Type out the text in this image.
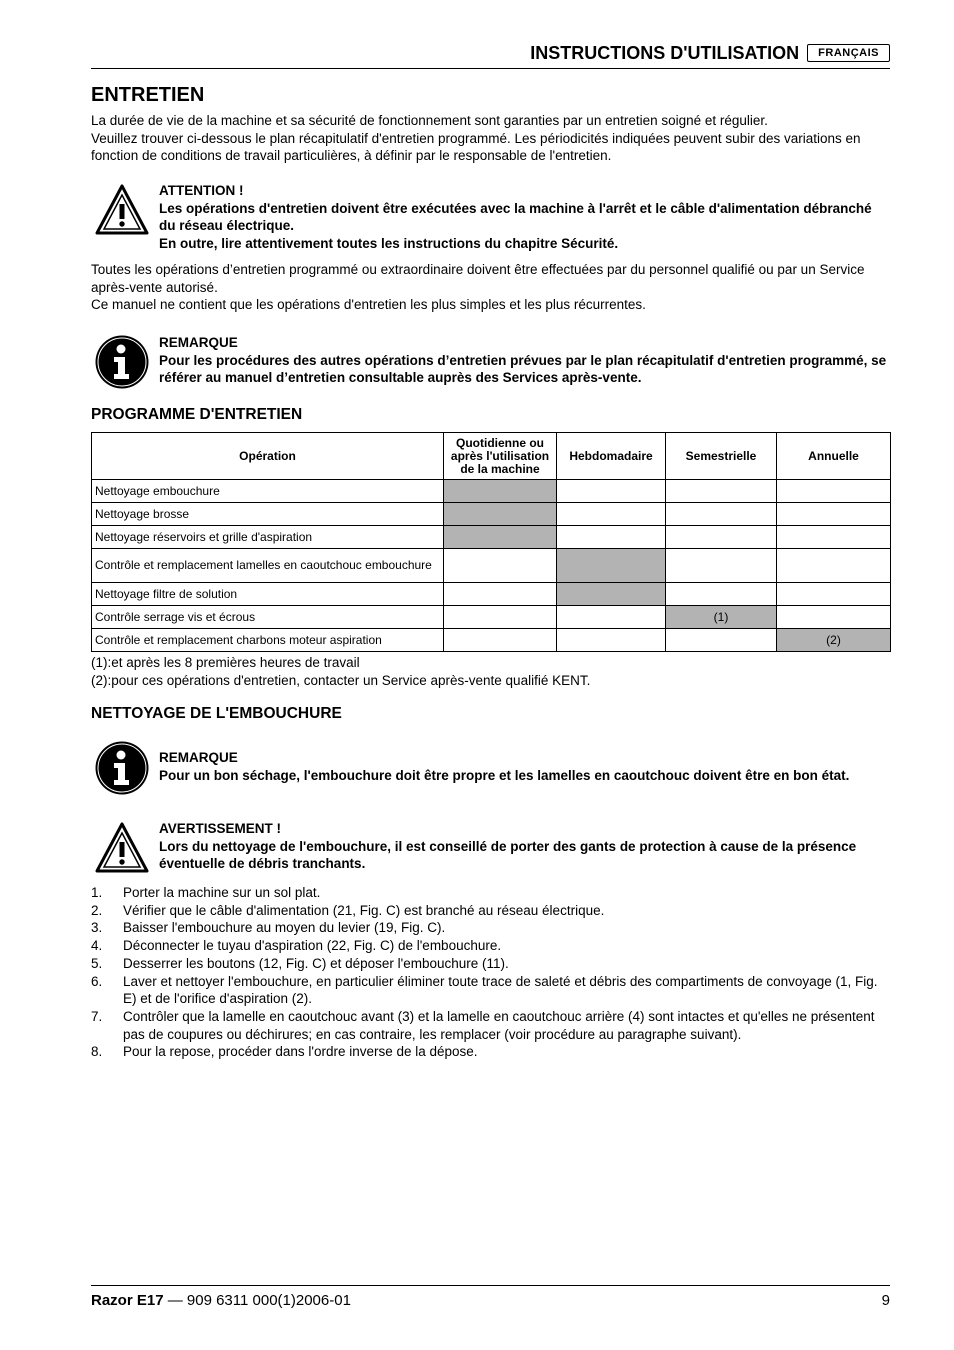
INSTRUCTIONS D'UTILISATION	FRANÇAIS
ENTRETIEN

La durée de vie de la machine et sa sécurité de fonctionnement sont garanties par un entretien soigné et régulier.

Veuillez trouver ci-dessous le plan récapitulatif d'entretien programmé. Les périodicités indiquées peuvent subir des variations en fonction de conditions de travail particulières, à définir par le responsable de l'entretien.

ATTENTION !
Les opérations d'entretien doivent être exécutées avec la machine à l'arrêt et le câble d'alimentation débranché du réseau électrique.
En outre, lire attentivement toutes les instructions du chapitre Sécurité.

Toutes les opérations d’entretien programmé ou extraordinaire doivent être effectuées par du personnel qualifié ou par un Service après-vente autorisé.

Ce manuel ne contient que les opérations d'entretien les plus simples et les plus récurrentes.

REMARQUE
Pour les procédures des autres opérations d’entretien prévues par le plan récapitulatif d'entretien programmé, se référer au manuel d’entretien consultable auprès des Services après-vente.
PROGRAMME D'ENTRETIEN
Opération	Quotidienne ou après l'utilisation de la machine	Hebdomadaire	Semestrielle	Annuelle
Nettoyage embouchure				
Nettoyage brosse				
Nettoyage réservoirs et grille d'aspiration				
Contrôle et remplacement lamelles en caoutchouc embouchure				
Nettoyage filtre de solution				
Contrôle serrage vis et écrous			(1)	
Contrôle et remplacement charbons moteur aspiration				(2)

(1):et après les 8 premières heures de travail

(2):pour ces opérations d'entretien, contacter un Service après-vente qualifié KENT.

NETTOYAGE DE L'EMBOUCHURE
REMARQUE
Pour un bon séchage, l'embouchure doit être propre et les lamelles en caoutchouc doivent être en bon état.
AVERTISSEMENT !
Lors du nettoyage de l'embouchure, il est conseillé de porter des gants de protection à cause de la présence éventuelle de débris tranchants.
1.	Porter la machine sur un sol plat.
2.	Vérifier que le câble d'alimentation (21, Fig. C) est branché au réseau électrique.
3.	Baisser l'embouchure au moyen du levier (19, Fig. C).
4.	Déconnecter le tuyau d'aspiration (22, Fig. C) de l'embouchure.
5.	Desserrer les boutons (12, Fig. C) et déposer l'embouchure (11).
6.	Laver et nettoyer l'embouchure, en particulier éliminer toute trace de saleté et débris des compartiments de convoyage (1, Fig. E) et de l'orifice d'aspiration (2).
7.	Contrôler que la lamelle en caoutchouc avant (3) et la lamelle en caoutchouc arrière (4) sont intactes et qu'elles ne présentent pas de coupures ou déchirures; en cas contraire, les remplacer (voir procédure au paragraphe suivant).
8.	Pour la repose, procéder dans l'ordre inverse de la dépose.
Razor E17 — 909 6311 000(1)2006-01	9
